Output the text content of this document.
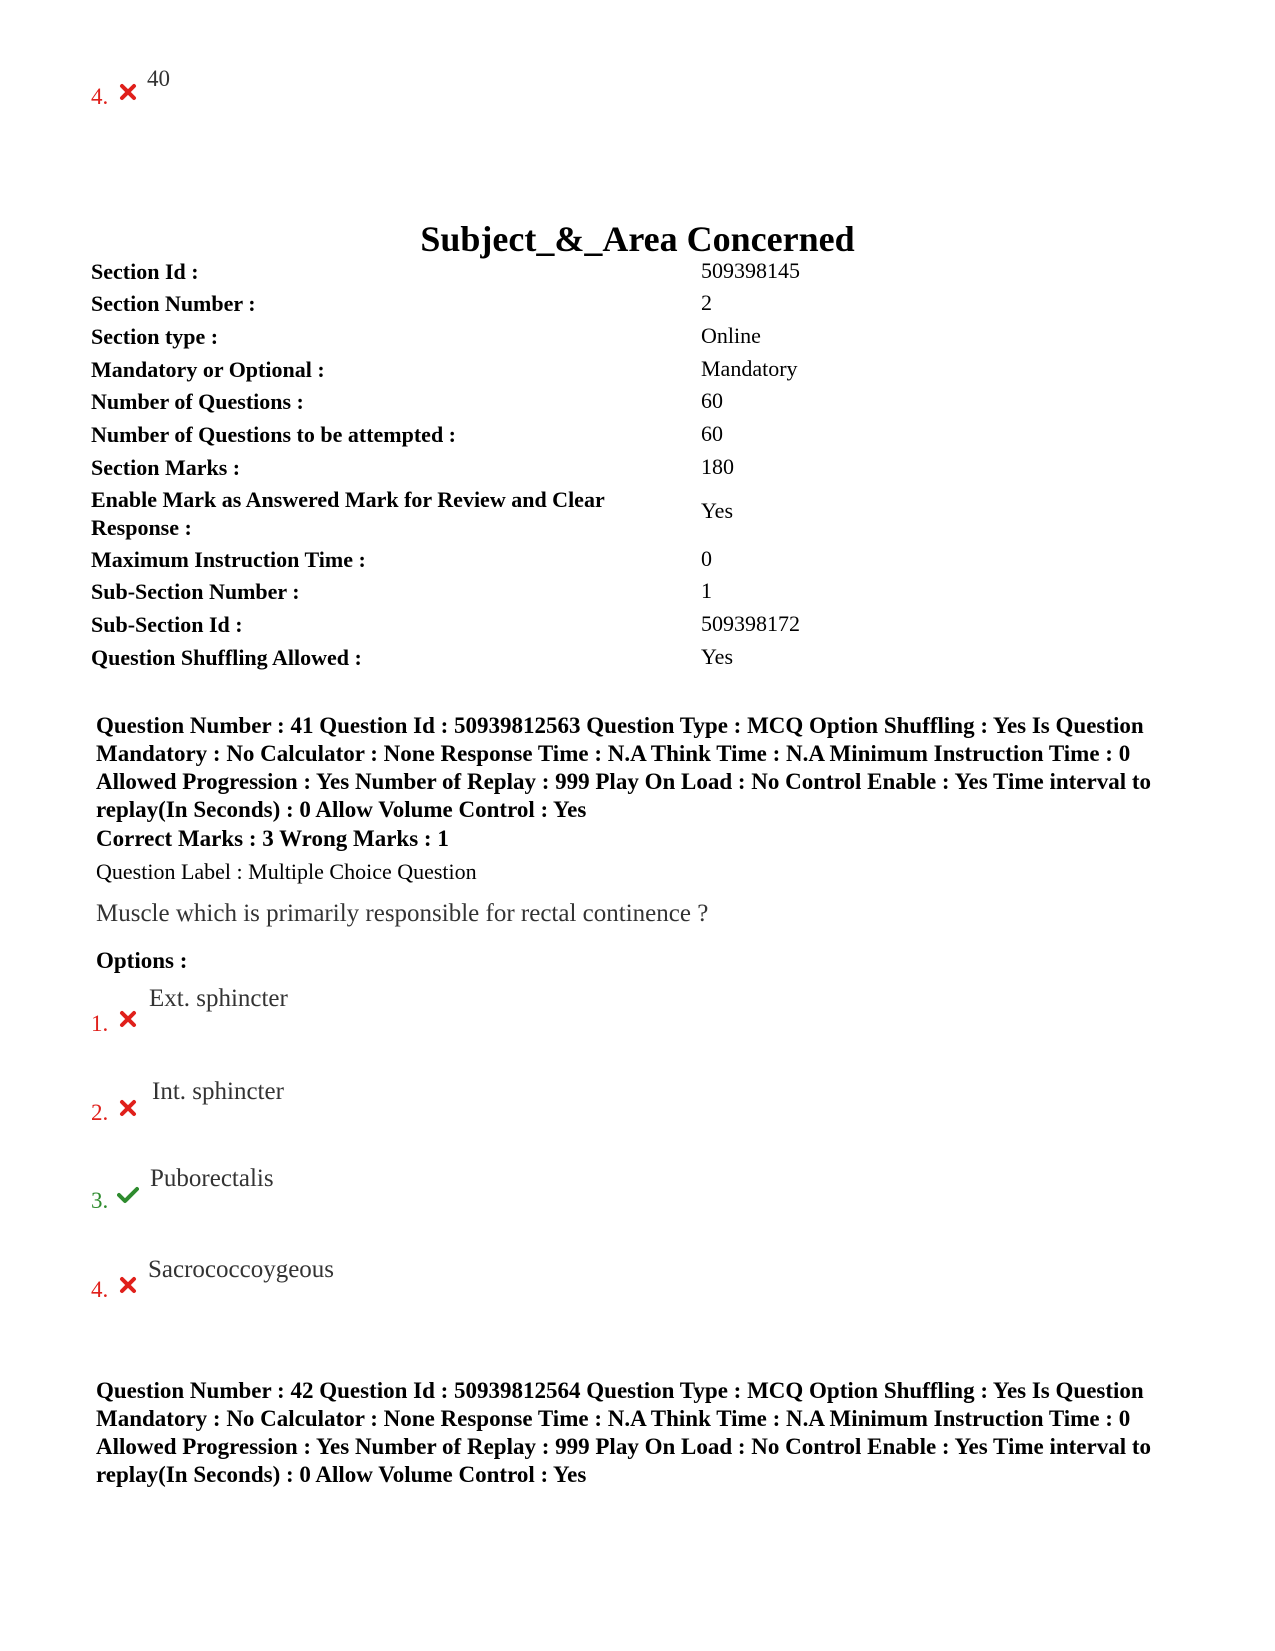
4.
40
Subject_&_Area Concerned
Section Id :	509398145
Section Number :	2
Section type :	Online
Mandatory or Optional :	Mandatory
Number of Questions :	60
Number of Questions to be attempted :	60
Section Marks :	180
Enable Mark as Answered Mark for Review and Clear Response :
Yes
Maximum Instruction Time :	0
Sub-Section Number :	1
Sub-Section Id :	509398172
Question Shuffling Allowed :	Yes
Question Number : 41 Question Id : 50939812563 Question Type : MCQ Option Shuffling : Yes Is Question Mandatory : No Calculator : None Response Time : N.A Think Time : N.A Minimum Instruction Time : 0 Allowed Progression : Yes Number of Replay : 999 Play On Load : No Control Enable : Yes Time interval to replay(In Seconds) : 0 Allow Volume Control : Yes
Correct Marks : 3 Wrong Marks : 1
Question Label : Multiple Choice Question
Muscle which is primarily responsible for rectal continence ?
Options :
1.
Ext. sphincter
2.
Int. sphincter
3.
Puborectalis
4.
Sacrococcoygeous
Question Number : 42 Question Id : 50939812564 Question Type : MCQ Option Shuffling : Yes Is Question Mandatory : No Calculator : None Response Time : N.A Think Time : N.A Minimum Instruction Time : 0 Allowed Progression : Yes Number of Replay : 999 Play On Load : No Control Enable : Yes Time interval to replay(In Seconds) : 0 Allow Volume Control : Yes
